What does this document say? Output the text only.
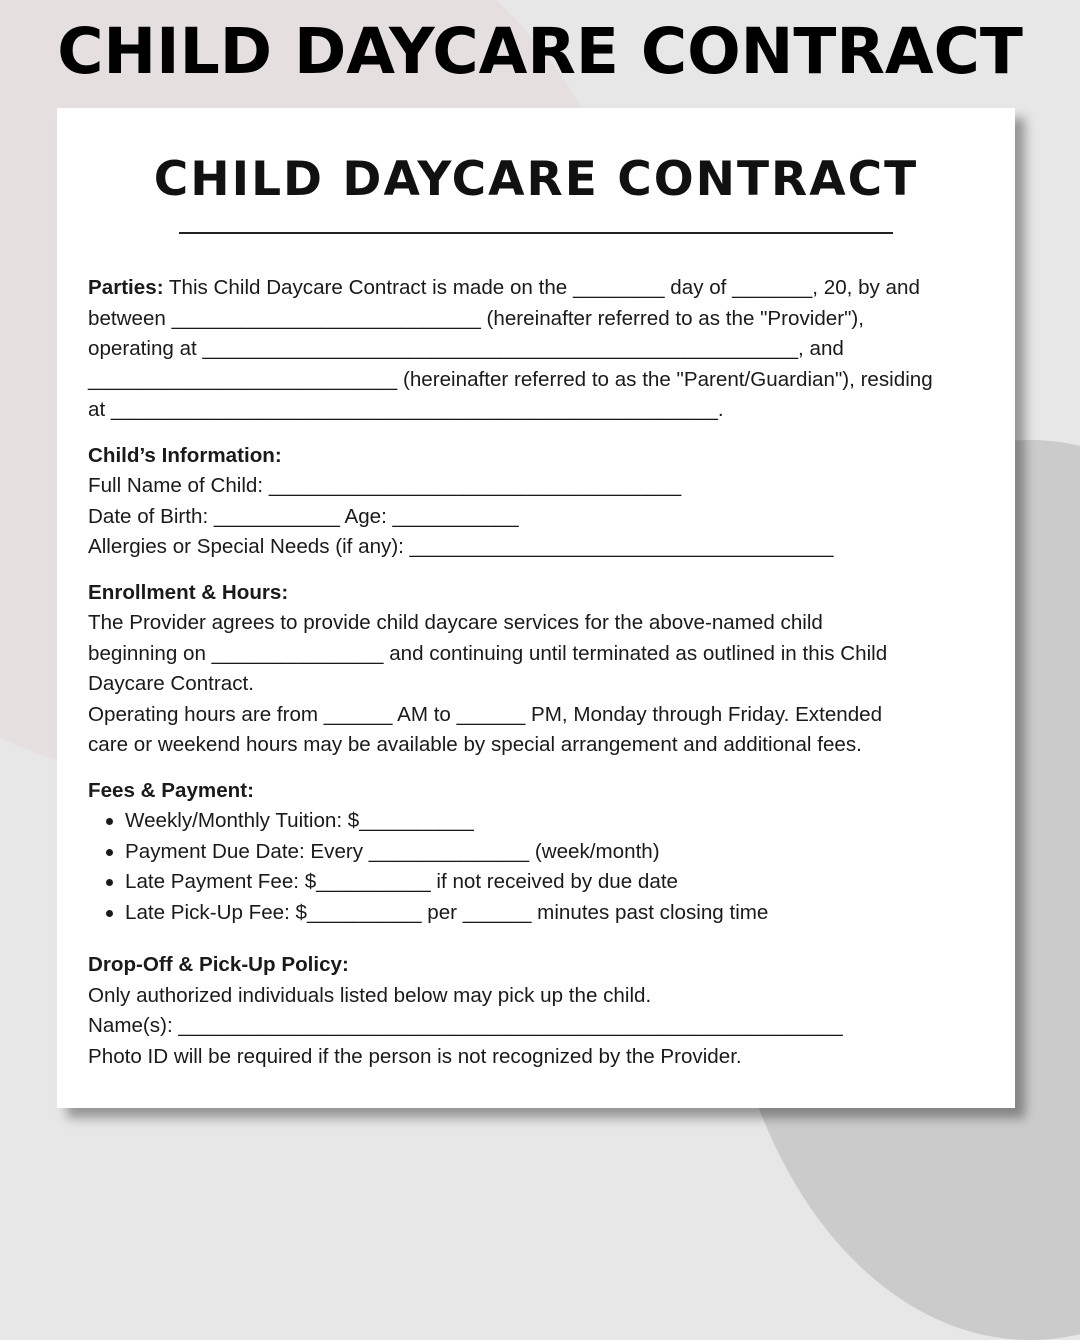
CHILD DAYCARE CONTRACT
CHILD DAYCARE CONTRACT

Parties: This Child Daycare Contract is made on the ________ day of _______, 20, by and

between ___________________________ (hereinafter referred to as the "Provider"),

operating at ____________________________________________________, and

___________________________ (hereinafter referred to as the "Parent/Guardian"), residing

at _____________________________________________________.

Child’s Information:

Full Name of Child: ____________________________________

Date of Birth: ___________ Age: ___________

Allergies or Special Needs (if any): _____________________________________

Enrollment & Hours:

The Provider agrees to provide child daycare services for the above-named child

beginning on _______________ and continuing until terminated as outlined in this Child

Daycare Contract.

Operating hours are from ______ AM to ______ PM, Monday through Friday. Extended

care or weekend hours may be available by special arrangement and additional fees.

Fees & Payment:

Weekly/Monthly Tuition: $__________
Payment Due Date: Every ______________ (week/month)
Late Payment Fee: $__________ if not received by due date
Late Pick-Up Fee: $__________ per ______ minutes past closing time

Drop-Off & Pick-Up Policy:

Only authorized individuals listed below may pick up the child.

Name(s): __________________________________________________________

Photo ID will be required if the person is not recognized by the Provider.
